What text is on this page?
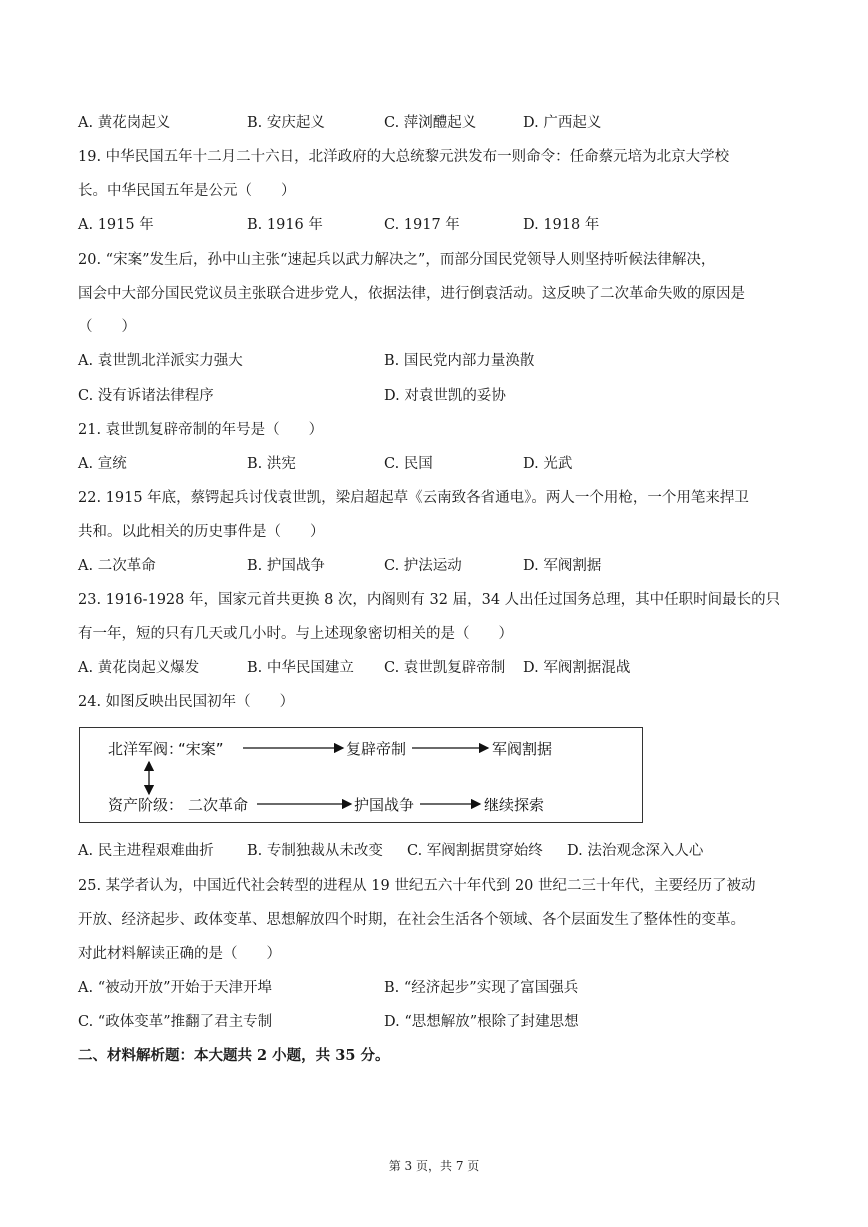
A. 黄花岗起义	B. 安庆起义	C. 萍浏醴起义	D. 广西起义
19. 中华民国五年十二月二十六日，北洋政府的大总统黎元洪发布一则命令：任命蔡元培为北京大学校
长。中华民国五年是公元（　　）
A. 1915 年	B. 1916 年	C. 1917 年	D. 1918 年
20. “宋案”发生后，孙中山主张“速起兵以武力解决之”，而部分国民党领导人则坚持听候法律解决，
国会中大部分国民党议员主张联合进步党人，依据法律，进行倒袁活动。这反映了二次革命失败的原因是
（　　）
A. 袁世凯北洋派实力强大	B. 国民党内部力量涣散
C. 没有诉诸法律程序	D. 对袁世凯的妥协
21. 袁世凯复辟帝制的年号是（　　）
A. 宣统	B. 洪宪	C. 民国	D. 光武
22. 1915 年底，蔡锷起兵讨伐袁世凯，梁启超起草《云南致各省通电》。两人一个用枪，一个用笔来捍卫
共和。以此相关的历史事件是（　　）
A. 二次革命	B. 护国战争	C. 护法运动	D. 军阀割据
23. 1916-1928 年，国家元首共更换 8 次，内阁则有 32 届，34 人出任过国务总理，其中任职时间最长的只
有一年，短的只有几天或几小时。与上述现象密切相关的是（　　）
A. 黄花岗起义爆发	B. 中华民国建立 C. 袁世凯复辟帝制 D. 军阀割据混战
24. 如图反映出民国初年（　　）
北洋军阀：
“宋案”	复辟帝制	军阀割据
资产阶级： 二次革命	护国战争	继续探索
A. 民主进程艰难曲折 B. 专制独裁从未改变 C. 军阀割据贯穿始终 D. 法治观念深入人心
25. 某学者认为，中国近代社会转型的进程从 19 世纪五六十年代到 20 世纪二三十年代，主要经历了被动
开放、经济起步、政体变革、思想解放四个时期，在社会生活各个领域、各个层面发生了整体性的变革。
对此材料解读正确的是（　　）
A. “被动开放”开始于天津开埠	B. “经济起步”实现了富国强兵
C. “政体变革”推翻了君主专制	D. “思想解放”根除了封建思想
二、材料解析题：本大题共 2 小题，共 35 分。
第 3 页，共 7 页
